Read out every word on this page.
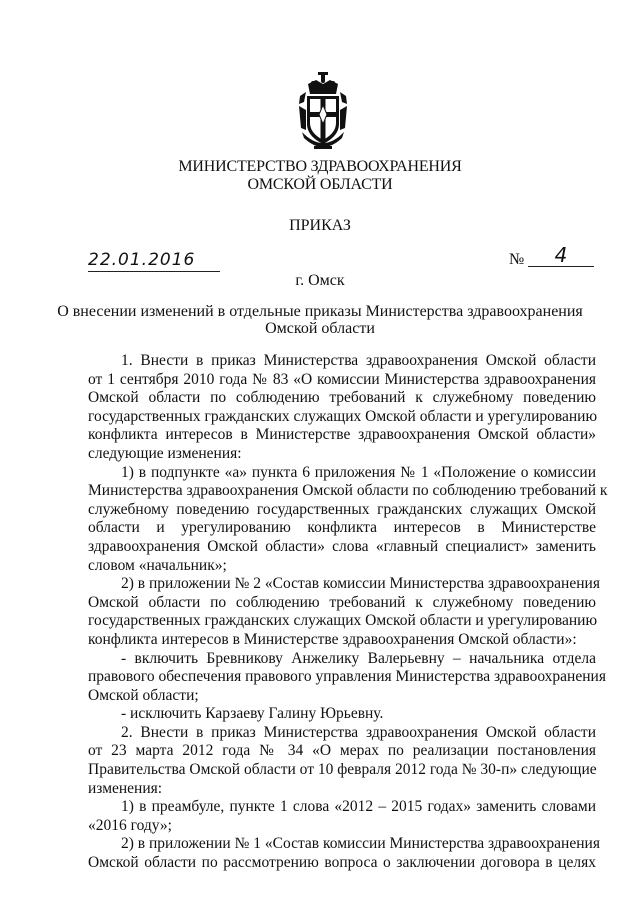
МИНИСТЕРСТВО ЗДРАВООХРАНЕНИЯ
ОМСКОЙ ОБЛАСТИ
ПРИКАЗ
22.01.2016	№	4
г. Омск
О внесении изменений в отдельные приказы Министерства здравоохранения
Омской области
1. Внести в приказ Министерства здравоохранения Омской области
от 1 сентября 2010 года № 83 «О комиссии Министерства здравоохранения
Омской области по соблюдению требований к служебному поведению
государственных гражданских служащих Омской области и урегулированию
конфликта интересов в Министерстве здравоохранения Омской области»
следующие изменения:
1) в подпункте «а» пункта 6 приложения № 1 «Положение о комиссии
Министерства здравоохранения Омской области по соблюдению требований к
служебному поведению государственных гражданских служащих Омской
области и урегулированию конфликта интересов в Министерстве
здравоохранения Омской области» слова «главный специалист» заменить
словом «начальник»;
2) в приложении № 2 «Состав комиссии Министерства здравоохранения
Омской области по соблюдению требований к служебному поведению
государственных гражданских служащих Омской области и урегулированию
конфликта интересов в Министерстве здравоохранения Омской области»:
- включить Бревникову Анжелику Валерьевну – начальника отдела
правового обеспечения правового управления Министерства здравоохранения
Омской области;
- исключить Карзаеву Галину Юрьевну.
2. Внести в приказ Министерства здравоохранения Омской области
от 23 марта 2012 года № 34 «О мерах по реализации постановления
Правительства Омской области от 10 февраля 2012 года № 30-п» следующие
изменения:
1) в преамбуле, пункте 1 слова «2012 – 2015 годах» заменить словами
«2016 году»;
2) в приложении № 1 «Состав комиссии Министерства здравоохранения
Омской области по рассмотрению вопроса о заключении договора в целях
